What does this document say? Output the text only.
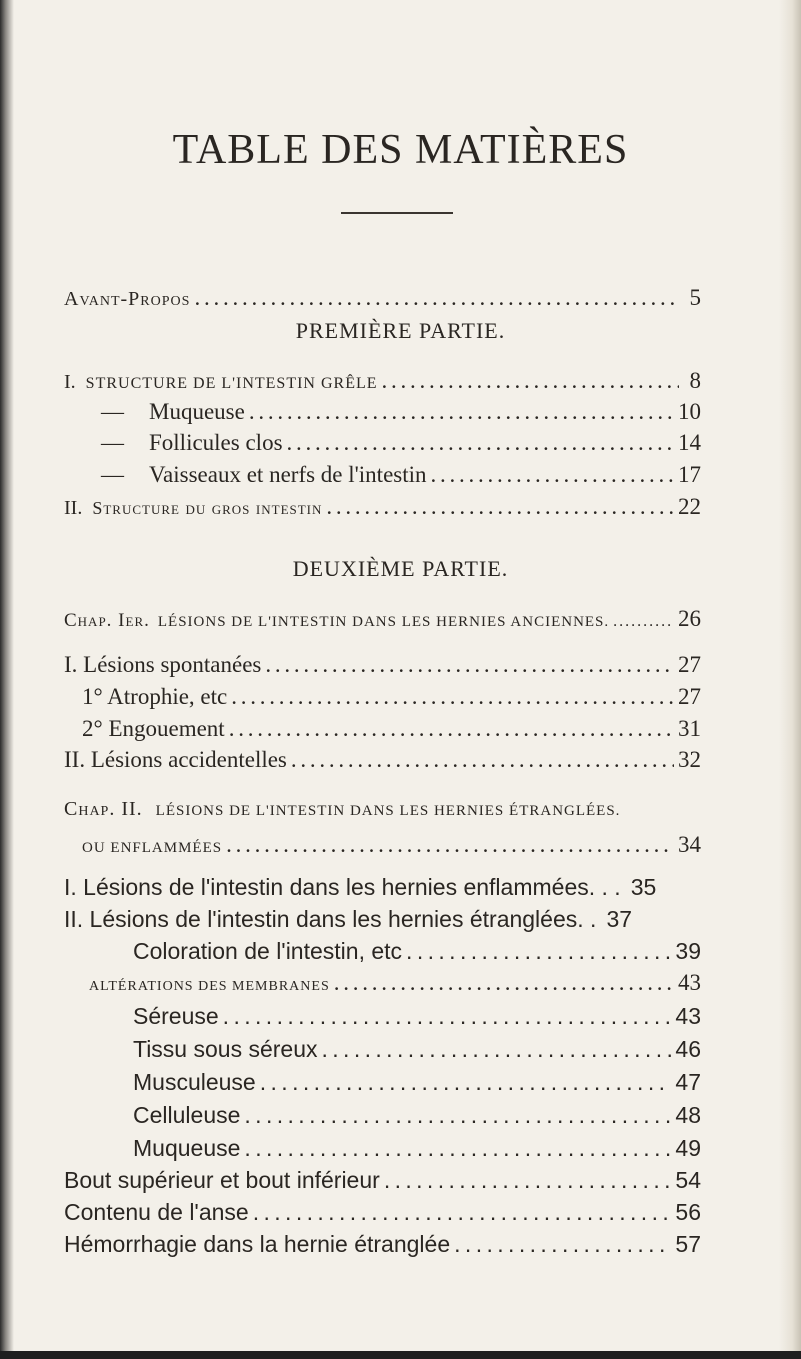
TABLE DES MATIÈRES
Avant-Propos . . .	5
PREMIÈRE PARTIE.
I. STRUCTURE DE L'INTESTIN GRÊLE . . .	8
— Muqueuse . . .	10
— Follicules clos . . .	14
— Vaisseaux et nerfs de l'intestin . . .	17
II. Structure du gros intestin . . .	22
DEUXIÈME PARTIE.
Chap. Ier. LÉSIONS DE L'INTESTIN DANS LES HERNIES ANCIENNES. . . .	26
I. Lésions spontanées . . .	27
1° Atrophie, etc . . .	27
2° Engouement . . .	31
II. Lésions accidentelles . . .	32
Chap. II. LÉSIONS DE L'INTESTIN DANS LES HERNIES ÉTRANGLÉES.
OU ENFLAMMÉES . . .	34
I. Lésions de l'intestin dans les hernies enflammées. . . 35
II. Lésions de l'intestin dans les hernies étranglées. . 37
Coloration de l'intestin, etc . . .	39
ALTÉRATIONS DES MEMBRANES . . .	43
Séreuse . . .	43
Tissu sous séreux . . .	46
Musculeuse . . .	47
Celluleuse . . .	48
Muqueuse . . .	49
Bout supérieur et bout inférieur . . .	54
Contenu de l'anse . . .	56
Hémorrhagie dans la hernie étranglée . . .	57
